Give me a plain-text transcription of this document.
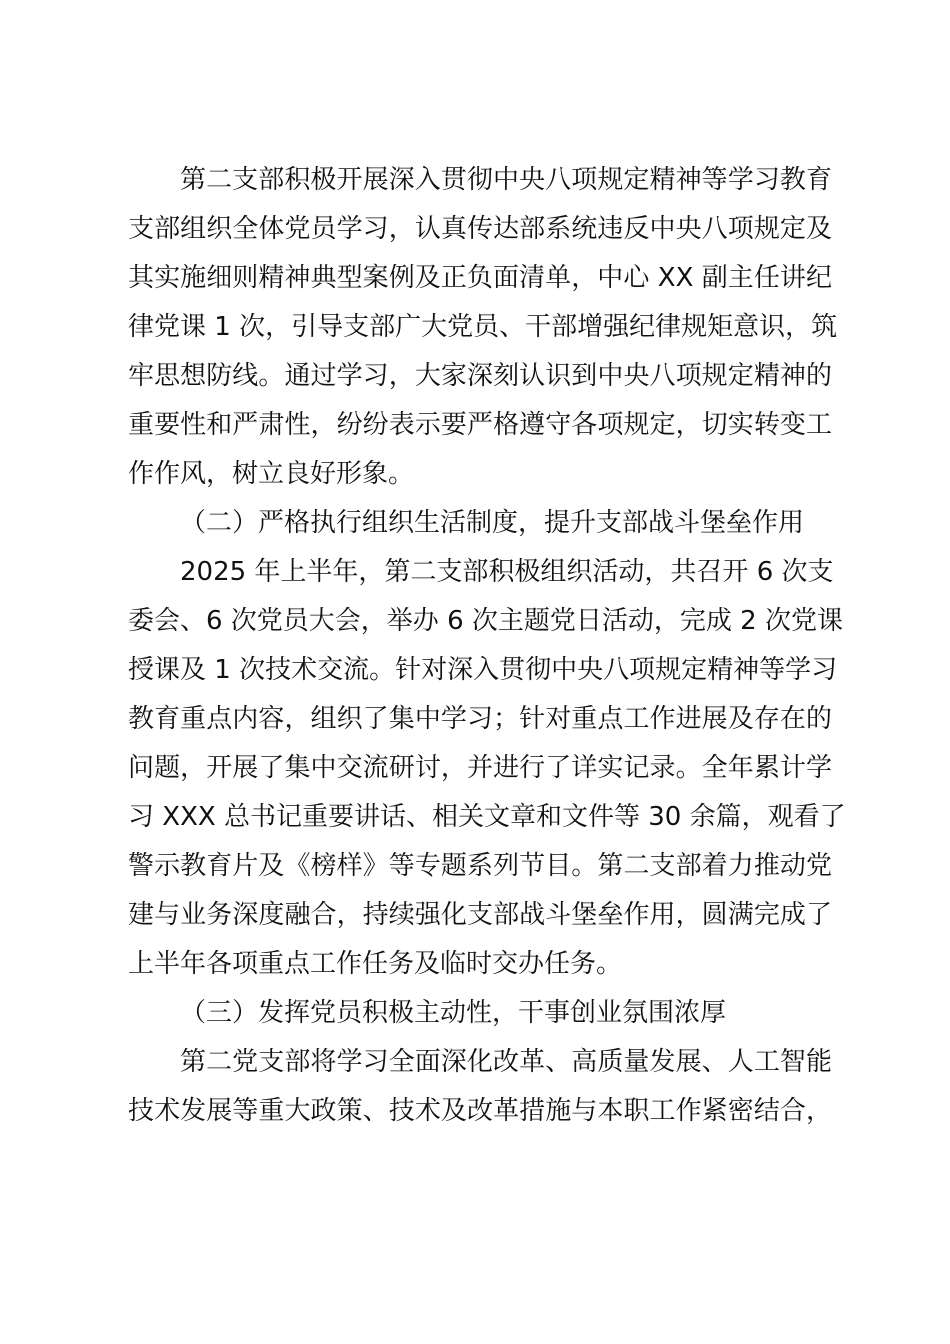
第二支部积极开展深入贯彻中央八项规定精神等学习教育
支部组织全体党员学习，认真传达部系统违反中央八项规定及
其实施细则精神典型案例及正负面清单，中心 XX 副主任讲纪
律党课 1 次，引导支部广大党员、干部增强纪律规矩意识，筑
牢思想防线。通过学习，大家深刻认识到中央八项规定精神的
重要性和严肃性，纷纷表示要严格遵守各项规定，切实转变工
作作风，树立良好形象。
（二）严格执行组织生活制度，提升支部战斗堡垒作用
2025 年上半年，第二支部积极组织活动，共召开 6 次支
委会、6 次党员大会，举办 6 次主题党日活动，完成 2 次党课
授课及 1 次技术交流。针对深入贯彻中央八项规定精神等学习
教育重点内容，组织了集中学习；针对重点工作进展及存在的
问题，开展了集中交流研讨，并进行了详实记录。全年累计学
习 XXX 总书记重要讲话、相关文章和文件等 30 余篇，观看了
警示教育片及《榜样》等专题系列节目。第二支部着力推动党
建与业务深度融合，持续强化支部战斗堡垒作用，圆满完成了
上半年各项重点工作任务及临时交办任务。
（三）发挥党员积极主动性，干事创业氛围浓厚
第二党支部将学习全面深化改革、高质量发展、人工智能
技术发展等重大政策、技术及改革措施与本职工作紧密结合，
